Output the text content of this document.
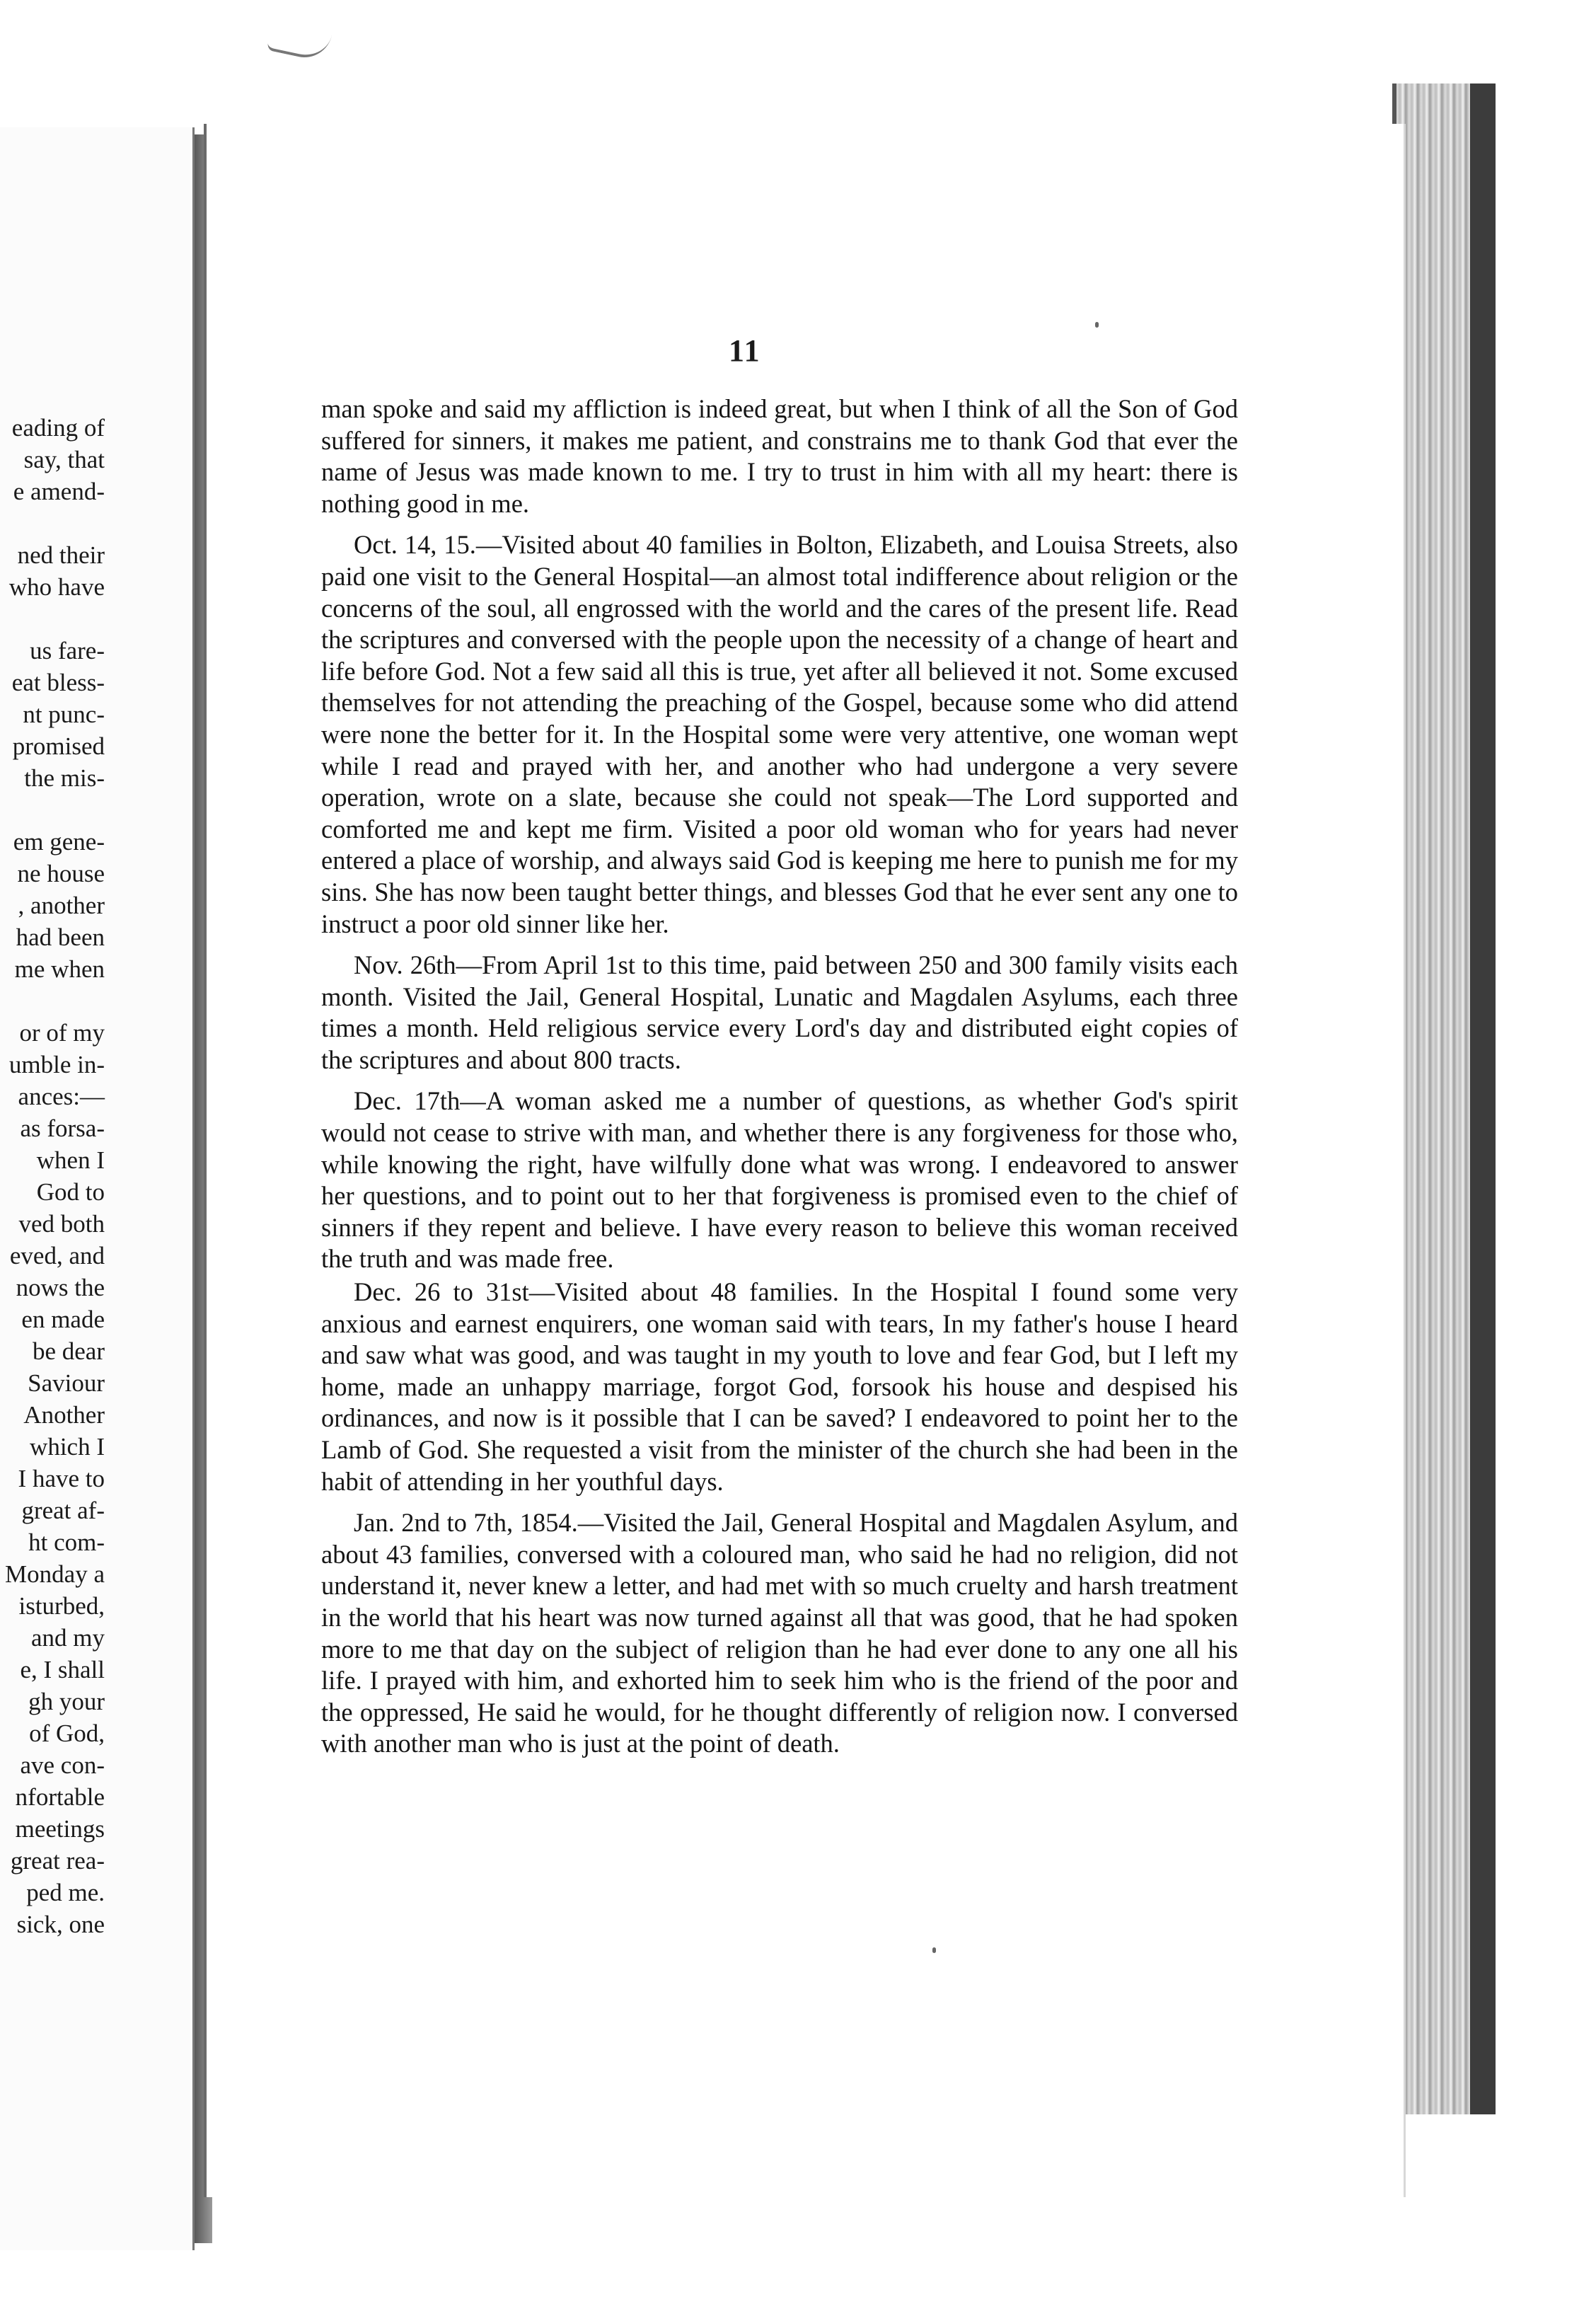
eading of
say, that
e amend-

ned their
who have

us fare-
eat bless-
nt punc-
promised
the mis-

em gene-
ne house
, another
had been
me when

or of my
umble in-
ances:—
as forsa-
when I
God to
ved both
eved, and
nows the
en made
be dear
Saviour
Another
which I
I have to
great af-
ht com-
Monday a
isturbed,
and my
e, I shall
gh your
of God,
ave con-
nfortable
meetings
great rea-
ped me.
sick, one
11

man spoke and said my affliction is indeed great, but when I think of all the Son of God suffered for sinners, it makes me patient, and constrains me to thank God that ever the name of Jesus was made known to me. I try to trust in him with all my heart: there is nothing good in me.

Oct. 14, 15.—Visited about 40 families in Bolton, Elizabeth, and Louisa Streets, also paid one visit to the General Hospital—an almost total indifference about religion or the concerns of the soul, all engrossed with the world and the cares of the present life. Read the scriptures and conversed with the people upon the necessity of a change of heart and life before God. Not a few said all this is true, yet after all believed it not. Some excused themselves for not attending the preaching of the Gospel, because some who did attend were none the better for it. In the Hospital some were very attentive, one woman wept while I read and prayed with her, and another who had undergone a very severe operation, wrote on a slate, because she could not speak—The Lord supported and comforted me and kept me firm. Visited a poor old woman who for years had never entered a place of worship, and always said God is keeping me here to punish me for my sins. She has now been taught better things, and blesses God that he ever sent any one to instruct a poor old sinner like her.

Nov. 26th—From April 1st to this time, paid between 250 and 300 family visits each month. Visited the Jail, General Hospital, Lunatic and Magdalen Asylums, each three times a month. Held religious service every Lord's day and distributed eight copies of the scriptures and about 800 tracts.

Dec. 17th—A woman asked me a number of questions, as whether God's spirit would not cease to strive with man, and whether there is any forgiveness for those who, while knowing the right, have wilfully done what was wrong. I endeavored to answer her questions, and to point out to her that forgiveness is promised even to the chief of sinners if they repent and believe. I have every reason to believe this woman received the truth and was made free.

Dec. 26 to 31st—Visited about 48 families. In the Hospital I found some very anxious and earnest enquirers, one woman said with tears, In my father's house I heard and saw what was good, and was taught in my youth to love and fear God, but I left my home, made an unhappy marriage, forgot God, forsook his house and despised his ordinances, and now is it possible that I can be saved? I endeavored to point her to the Lamb of God. She requested a visit from the minister of the church she had been in the habit of attending in her youthful days.

Jan. 2nd to 7th, 1854.—Visited the Jail, General Hospital and Magdalen Asylum, and about 43 families, conversed with a coloured man, who said he had no religion, did not understand it, never knew a letter, and had met with so much cruelty and harsh treatment in the world that his heart was now turned against all that was good, that he had spoken more to me that day on the subject of religion than he had ever done to any one all his life. I prayed with him, and exhorted him to seek him who is the friend of the poor and the oppressed, He said he would, for he thought differently of religion now. I conversed with another man who is just at the point of death.
